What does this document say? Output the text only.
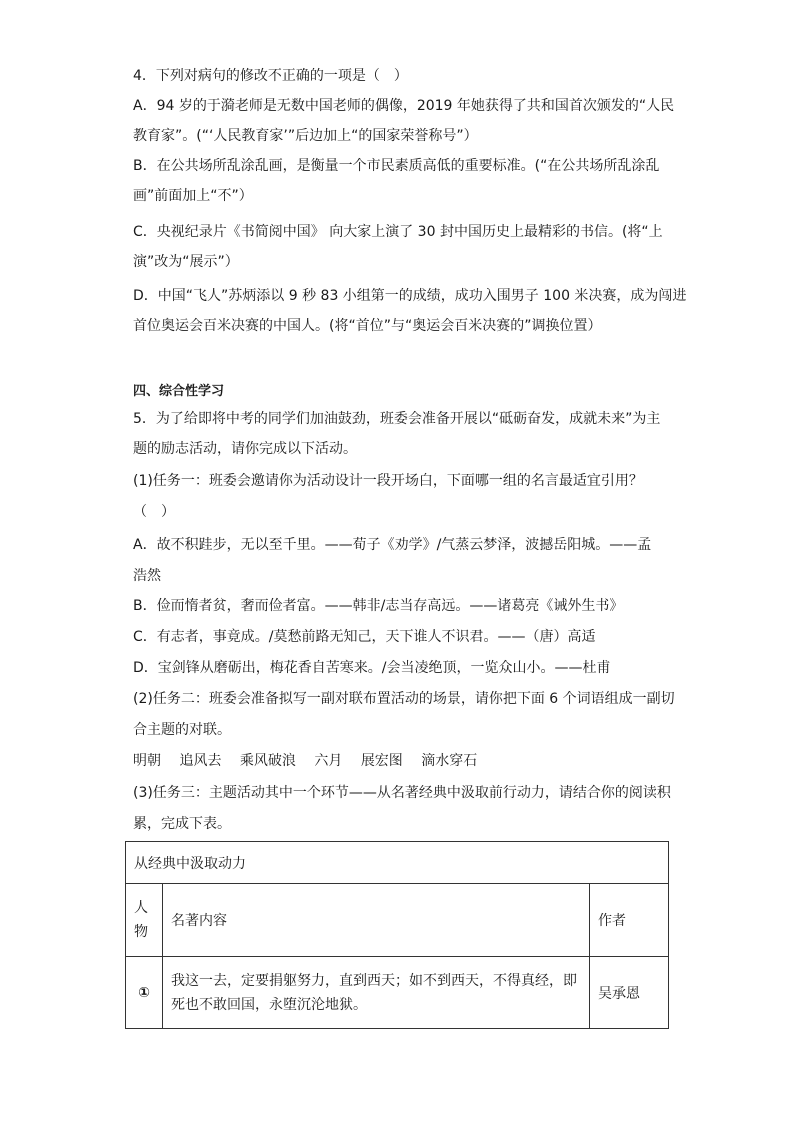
4．下列对病句的修改不正确的一项是（　）
A．94 岁的于漪老师是无数中国老师的偶像，2019 年她获得了共和国首次颁发的“人民
教育家”。(“‘人民教育家’”后边加上“的国家荣誉称号”）
B．在公共场所乱涂乱画，是衡量一个市民素质高低的重要标准。(“在公共场所乱涂乱
画”前面加上“不”）
C．央视纪录片《书简阅中国》 向大家上演了 30 封中国历史上最精彩的书信。(将“上
演”改为“展示”）
D．中国“飞人”苏炳添以 9 秒 83 小组第一的成绩，成功入围男子 100 米决赛，成为闯进
首位奥运会百米决赛的中国人。(将“首位”与“奥运会百米决赛的”调换位置）
四、综合性学习
5．为了给即将中考的同学们加油鼓劲，班委会准备开展以“砥砺奋发，成就未来”为主
题的励志活动，请你完成以下活动。
(1)任务一：班委会邀请你为活动设计一段开场白，下面哪一组的名言最适宜引用？
（　）
A．故不积跬步，无以至千里。——荀子《劝学》/气蒸云梦泽，波撼岳阳城。——孟
浩然
B．俭而惰者贫，奢而俭者富。——韩非/志当存高远。——诸葛亮《诫外生书》
C．有志者，事竟成。/莫愁前路无知己，天下谁人不识君。——（唐）高适
D．宝剑锋从磨砺出，梅花香自苦寒来。/会当凌绝顶，一览众山小。——杜甫
(2)任务二：班委会准备拟写一副对联布置活动的场景，请你把下面 6 个词语组成一副切
合主题的对联。
明朝 追风去 乘风破浪 六月 展宏图 滴水穿石
(3)任务三：主题活动其中一个环节——从名著经典中汲取前行动力，请结合你的阅读积
累，完成下表。
从经典中汲取动力		

人
物	名著内容	作者
①	我这一去，定要捐躯努力，直到西天；如不到西天，不得真经，即
死也不敢回国，永堕沉沦地狱。	吴承恩
